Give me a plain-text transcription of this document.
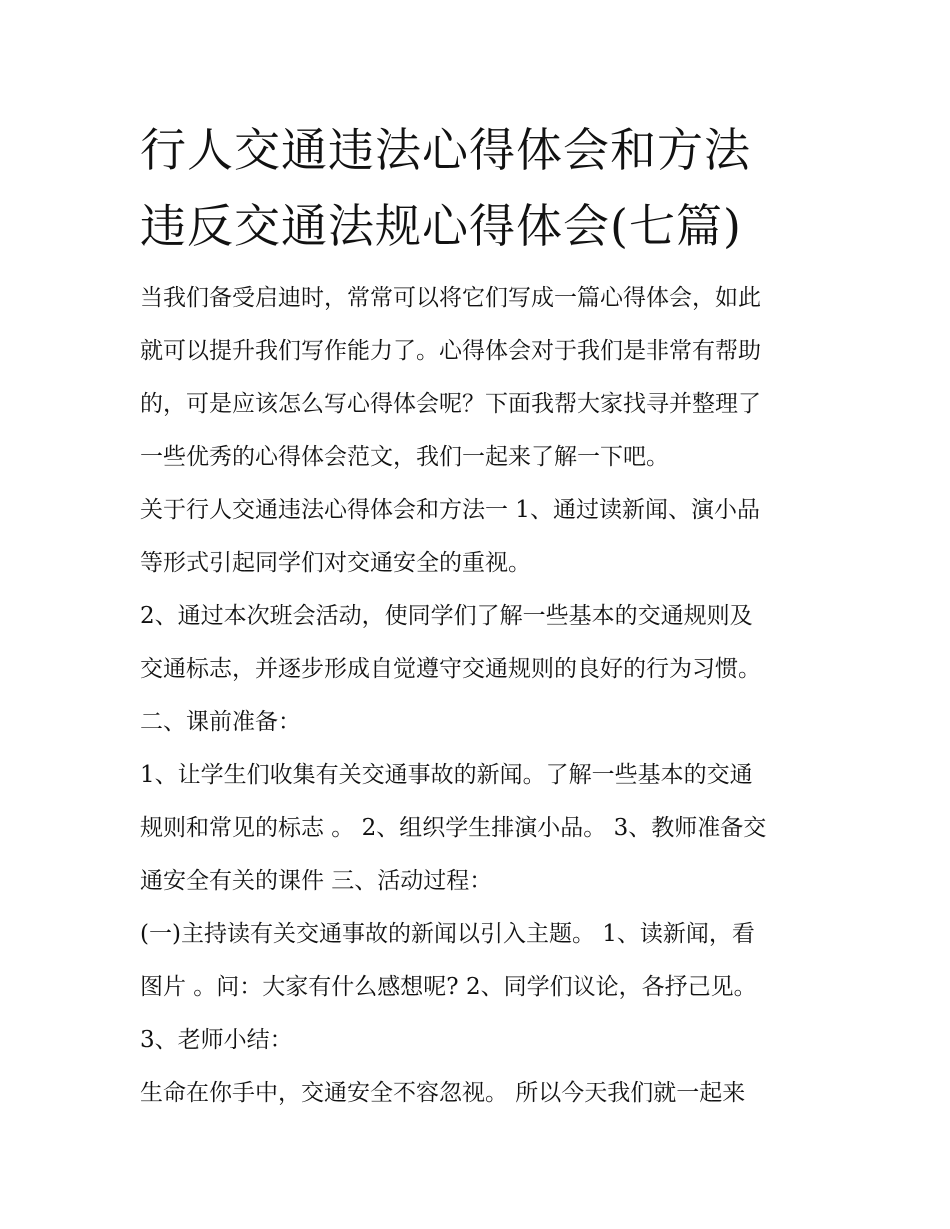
行人交通违法心得体会和方法
违反交通法规心得体会(七篇)
当我们备受启迪时，常常可以将它们写成一篇心得体会，如此
就可以提升我们写作能力了。心得体会对于我们是非常有帮助
的，可是应该怎么写心得体会呢？下面我帮大家找寻并整理了
一些优秀的心得体会范文，我们一起来了解一下吧。
关于行人交通违法心得体会和方法一 1、通过读新闻、演小品
等形式引起同学们对交通安全的重视。
2、通过本次班会活动，使同学们了解一些基本的交通规则及
交通标志，并逐步形成自觉遵守交通规则的良好的行为习惯。
二、课前准备：
1、让学生们收集有关交通事故的新闻。了解一些基本的交通
规则和常见的标志 。 2、组织学生排演小品。 3、教师准备交
通安全有关的课件 三、活动过程：
(一)主持读有关交通事故的新闻以引入主题。 1、读新闻，看
图片 。问：大家有什么感想呢? 2、同学们议论，各抒己见。
3、老师小结：
生命在你手中，交通安全不容忽视。 所以今天我们就一起来
